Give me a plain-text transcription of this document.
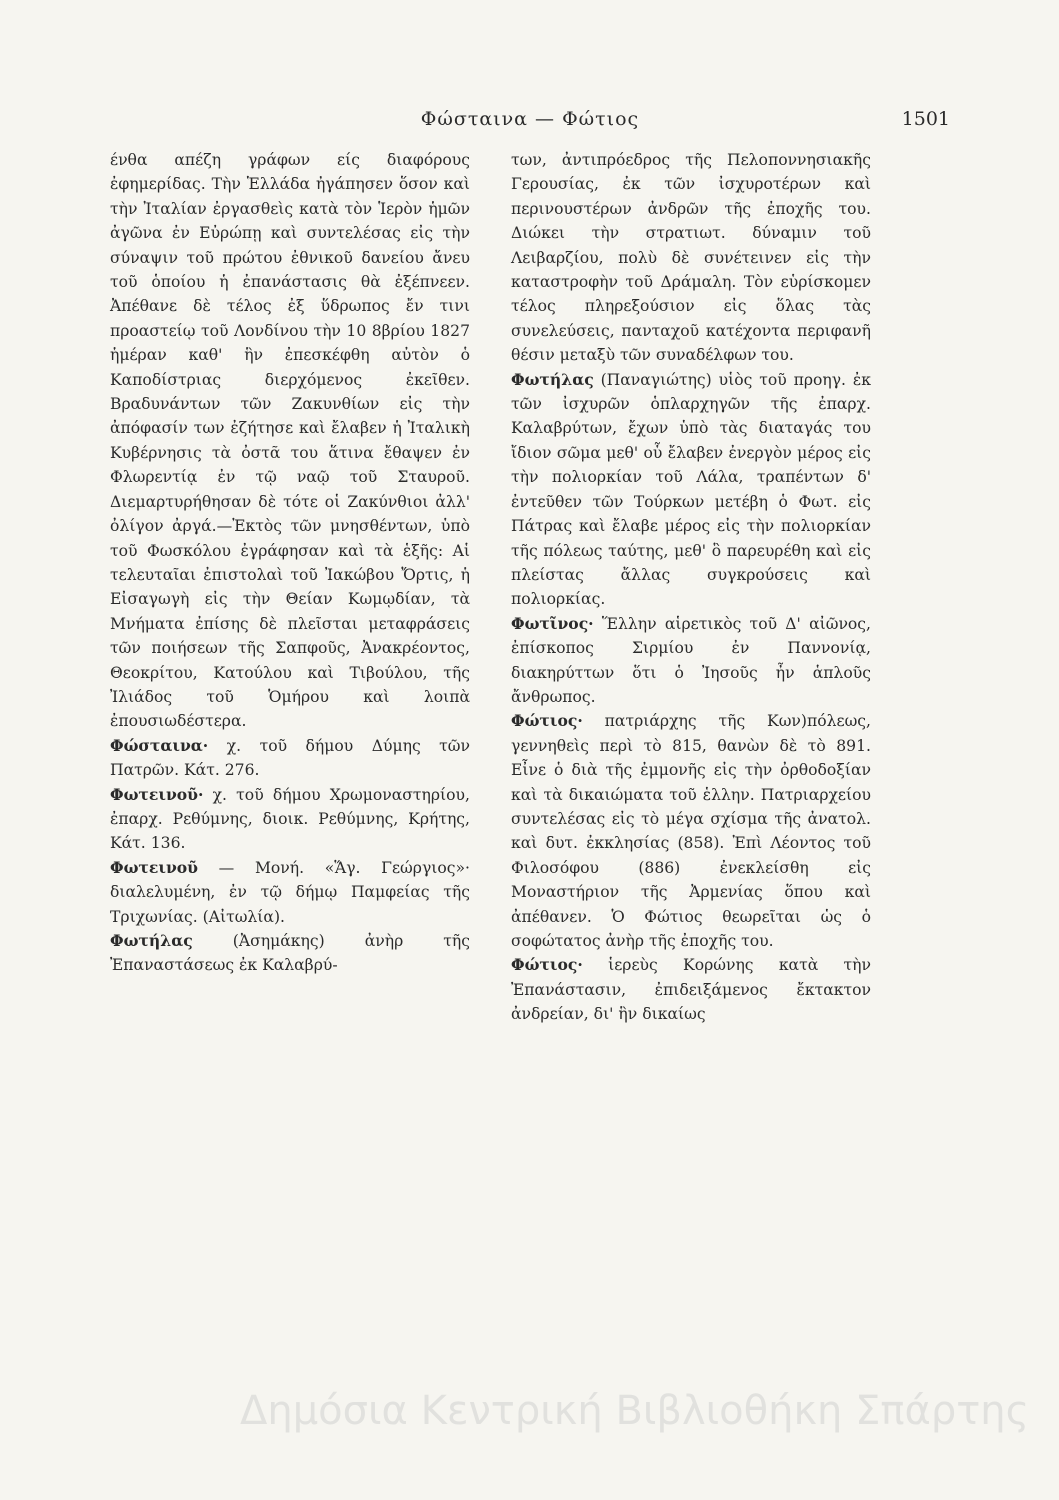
Φώσταινα — Φώτιος	1501

ένθα απέζη γράφων είς διαφόρους ἐφημερίδας. Τὴν Ἑλλάδα ἠγάπησεν ὅσον καὶ τὴν Ἰταλίαν ἐργασθεὶς κατὰ τὸν Ἱερὸν ἡμῶν ἀγῶνα ἐν Εὐρώπῃ καὶ συντελέσας εἰς τὴν σύναψιν τοῦ πρώτου ἐθνικοῦ δανείου ἄνευ τοῦ ὁποίου ἡ ἐπανάστασις θὰ ἐξέπνεεν. Ἀπέθανε δὲ τέλος ἐξ ὕδρωπος ἔν τινι προαστείῳ τοῦ Λονδίνου τὴν 10 8βρίου 1827 ἡμέραν καθ' ἣν ἐπεσκέφθη αὐτὸν ὁ Καποδίστριας διερχόμενος ἐκεῖθεν. Βραδυνάντων τῶν Ζακυνθίων εἰς τὴν ἀπόφασίν των ἐζήτησε καὶ ἔλαβεν ἡ Ἰταλικὴ Κυβέρνησις τὰ ὀστᾶ του ἅτινα ἔθαψεν ἐν Φλωρεντίᾳ ἐν τῷ ναῷ τοῦ Σταυροῦ. Διεμαρτυρήθησαν δὲ τότε οἱ Ζακύνθιοι ἀλλ' ὀλίγον ἀργά.—Ἐκτὸς τῶν μνησθέντων, ὑπὸ τοῦ Φωσκόλου ἐγράφησαν καὶ τὰ ἑξῆς: Αἱ τελευταῖαι ἐπιστολαὶ τοῦ Ἰακώβου Ὄρτις, ἡ Εἰσαγωγὴ εἰς τὴν Θείαν Κωμῳδίαν, τὰ Μνήματα ἐπίσης δὲ πλεῖσται μεταφράσεις τῶν ποιήσεων τῆς Σαπφοῦς, Ἀνακρέοντος, Θεοκρίτου, Κατούλου καὶ Τιβούλου, τῆς Ἰλιάδος τοῦ Ὁμήρου καὶ λοιπὰ ἐπουσιωδέστερα.

Φώσταινα· χ. τοῦ δήμου Δύμης τῶν Πατρῶν. Κάτ. 276.

Φωτεινοῦ· χ. τοῦ δήμου Χρωμοναστηρίου, ἐπαρχ. Ρεθύμνης, διοικ. Ρεθύμνης, Κρήτης, Κάτ. 136.

Φωτεινοῦ — Μονή. «Ἅγ. Γεώργιος»· διαλελυμένη, ἐν τῷ δήμῳ Παμφείας τῆς Τριχωνίας. (Αἰτωλία).

Φωτήλας (Ἀσημάκης) ἀνὴρ τῆς Ἐπαναστάσεως ἐκ Καλαβρύ-

των, ἀντιπρόεδρος τῆς Πελοποννησιακῆς Γερουσίας, ἐκ τῶν ἰσχυροτέρων καὶ περινουστέρων ἀνδρῶν τῆς ἐποχῆς του. Διώκει τὴν στρατιωτ. δύναμιν τοῦ Λειβαρζίου, πολὺ δὲ συνέτεινεν εἰς τὴν καταστροφὴν τοῦ Δράμαλη. Τὸν εὑρίσκομεν τέλος πληρεξούσιον εἰς ὅλας τὰς συνελεύσεις, πανταχοῦ κατέχοντα περιφανῆ θέσιν μεταξὺ τῶν συναδέλφων του.

Φωτήλας (Παναγιώτης) υἱὸς τοῦ προηγ. ἐκ τῶν ἰσχυρῶν ὁπλαρχηγῶν τῆς ἐπαρχ. Καλαβρύτων, ἔχων ὑπὸ τὰς διαταγάς του ἴδιον σῶμα μεθ' οὗ ἔλαβεν ἐνεργὸν μέρος εἰς τὴν πολιορκίαν τοῦ Λάλα, τραπέντων δ' ἐντεῦθεν τῶν Τούρκων μετέβη ὁ Φωτ. εἰς Πάτρας καὶ ἔλαβε μέρος εἰς τὴν πολιορκίαν τῆς πόλεως ταύτης, μεθ' ὃ παρευρέθη καὶ εἰς πλείστας ἄλλας συγκρούσεις καὶ πολιορκίας.

Φωτῖνος· Ἕλλην αἱρετικὸς τοῦ Δ' αἰῶνος, ἐπίσκοπος Σιρμίου ἐν Παννονίᾳ, διακηρύττων ὅτι ὁ Ἰησοῦς ἦν ἁπλοῦς ἄνθρωπος.

Φώτιος· πατριάρχης τῆς Κων)πόλεως, γεννηθεὶς περὶ τὸ 815, θανὼν δὲ τὸ 891. Εἶνε ὁ διὰ τῆς ἐμμονῆς εἰς τὴν ὀρθοδοξίαν καὶ τὰ δικαιώματα τοῦ ἑλλην. Πατριαρχείου συντελέσας εἰς τὸ μέγα σχίσμα τῆς ἀνατολ. καὶ δυτ. ἐκκλησίας (858). Ἐπὶ Λέοντος τοῦ Φιλοσόφου (886) ἐνεκλείσθη εἰς Μοναστήριον τῆς Ἀρμενίας ὅπου καὶ ἀπέθανεν. Ὁ Φώτιος θεωρεῖται ὡς ὁ σοφώτατος ἀνὴρ τῆς ἐποχῆς του.

Φώτιος· ἱερεὺς Κορώνης κατὰ τὴν Ἐπανάστασιν, ἐπιδειξάμενος ἔκτακτον ἀνδρείαν, δι' ἣν δικαίως

Δημόσια Κεντρική Βιβλιοθήκη Σπάρτης
